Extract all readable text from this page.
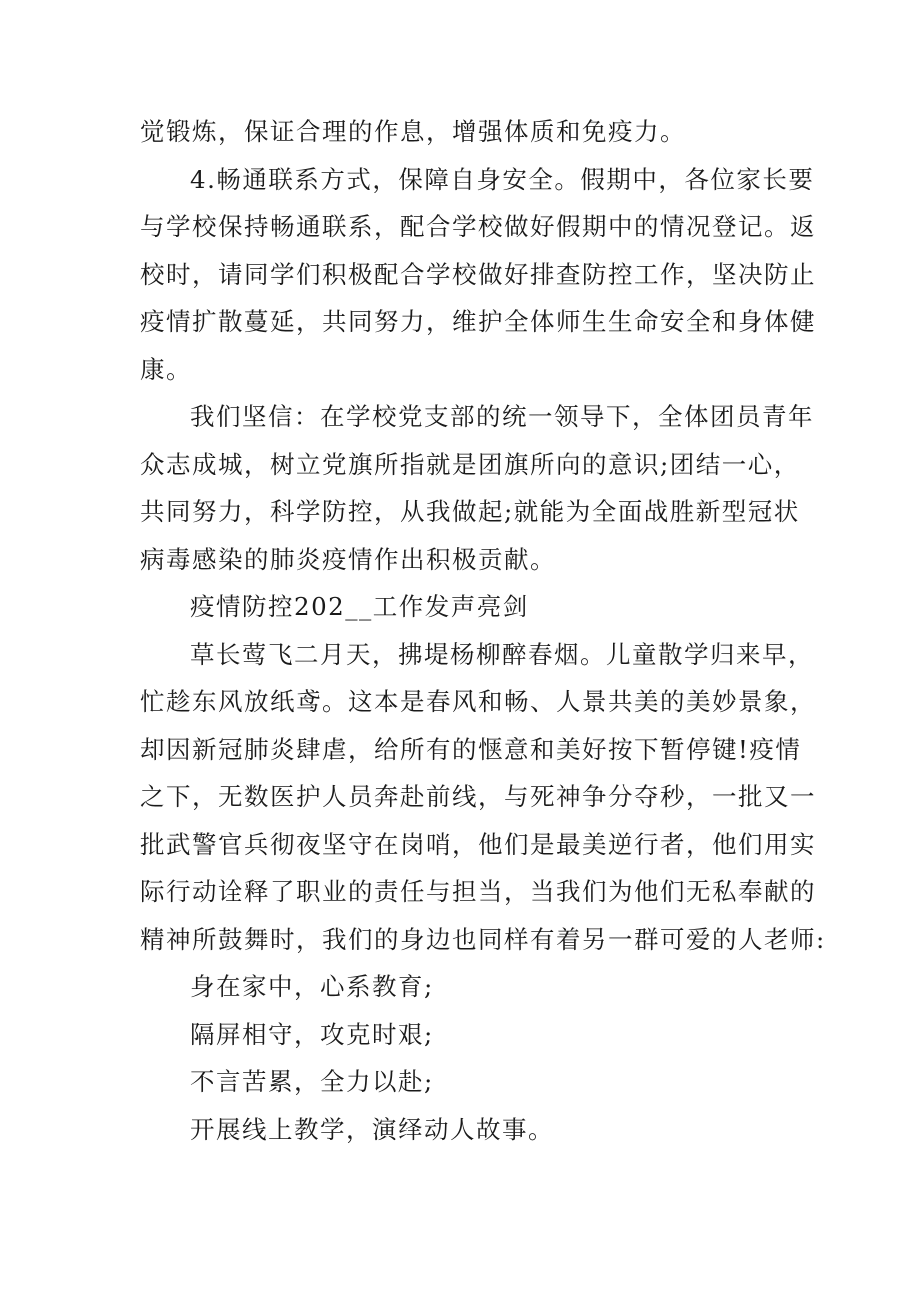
觉锻炼，保证合理的作息，增强体质和免疫力。
4.畅通联系方式，保障自身安全。假期中，各位家长要
与学校保持畅通联系，配合学校做好假期中的情况登记。返
校时，请同学们积极配合学校做好排查防控工作，坚决防止
疫情扩散蔓延，共同努力，维护全体师生生命安全和身体健
康。
我们坚信：在学校党支部的统一领导下，全体团员青年
众志成城，树立党旗所指就是团旗所向的意识;团结一心，
共同努力，科学防控，从我做起;就能为全面战胜新型冠状
病毒感染的肺炎疫情作出积极贡献。
疫情防控202__工作发声亮剑
草长莺飞二月天，拂堤杨柳醉春烟。儿童散学归来早，
忙趁东风放纸鸢。这本是春风和畅、人景共美的美妙景象，
却因新冠肺炎肆虐，给所有的惬意和美好按下暂停键!疫情
之下，无数医护人员奔赴前线，与死神争分夺秒，一批又一
批武警官兵彻夜坚守在岗哨，他们是最美逆行者，他们用实
际行动诠释了职业的责任与担当，当我们为他们无私奉献的
精神所鼓舞时，我们的身边也同样有着另一群可爱的人老师:
身在家中，心系教育;
隔屏相守，攻克时艰;
不言苦累，全力以赴;
开展线上教学，演绎动人故事。
